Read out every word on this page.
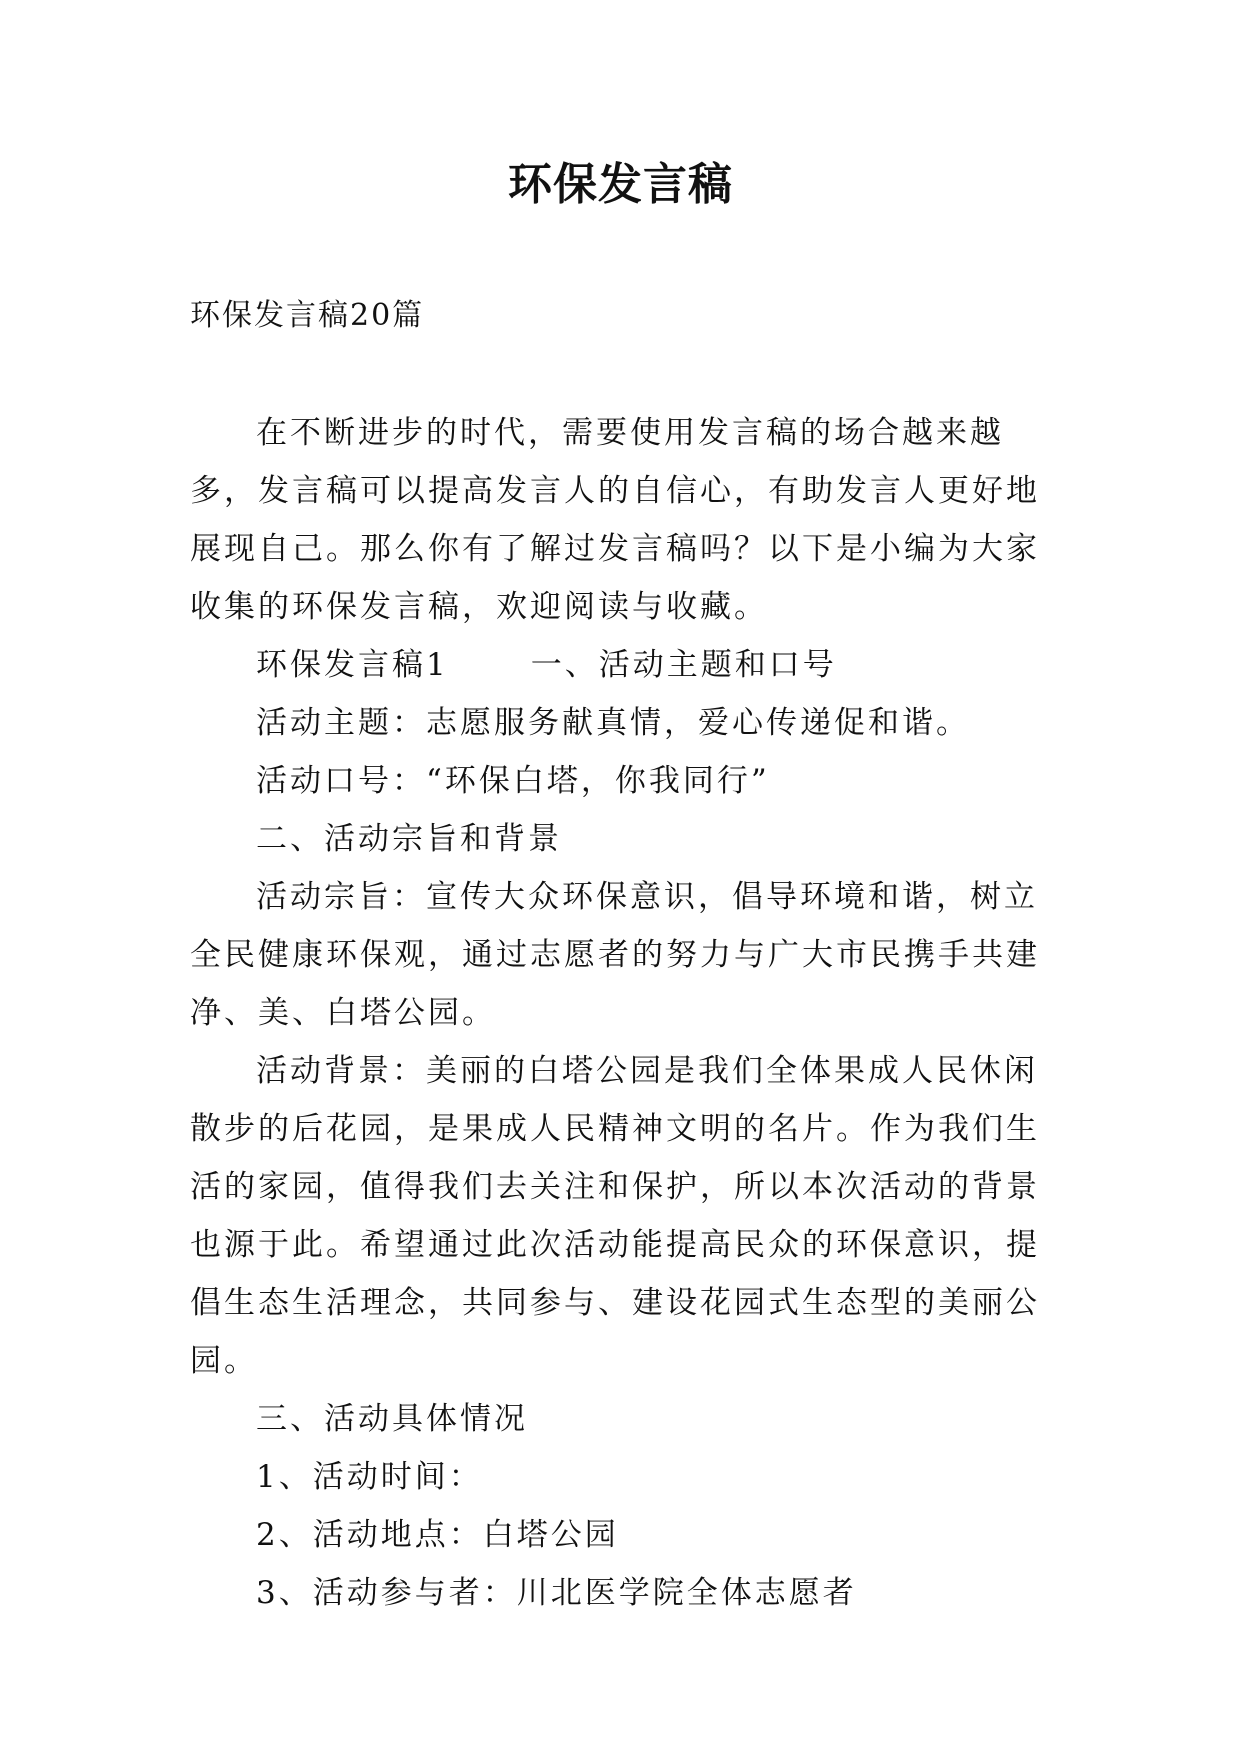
环保发言稿
环保发言稿20篇

在不断进步的时代，需要使用发言稿的场合越来越多，发言稿可以提高发言人的自信心，有助发言人更好地展现自己。那么你有了解过发言稿吗？以下是小编为大家收集的环保发言稿，欢迎阅读与收藏。

环保发言稿1	一、活动主题和口号

活动主题：志愿服务献真情，爱心传递促和谐。

活动口号：“环保白塔，你我同行”

二、活动宗旨和背景

活动宗旨：宣传大众环保意识，倡导环境和谐，树立全民健康环保观，通过志愿者的努力与广大市民携手共建净、美、白塔公园。

活动背景：美丽的白塔公园是我们全体果成人民休闲散步的后花园，是果成人民精神文明的名片。作为我们生活的家园，值得我们去关注和保护，所以本次活动的背景也源于此。希望通过此次活动能提高民众的环保意识，提倡生态生活理念，共同参与、建设花园式生态型的美丽公园。

三、活动具体情况

1、活动时间：

2、活动地点：白塔公园

3、活动参与者：川北医学院全体志愿者
